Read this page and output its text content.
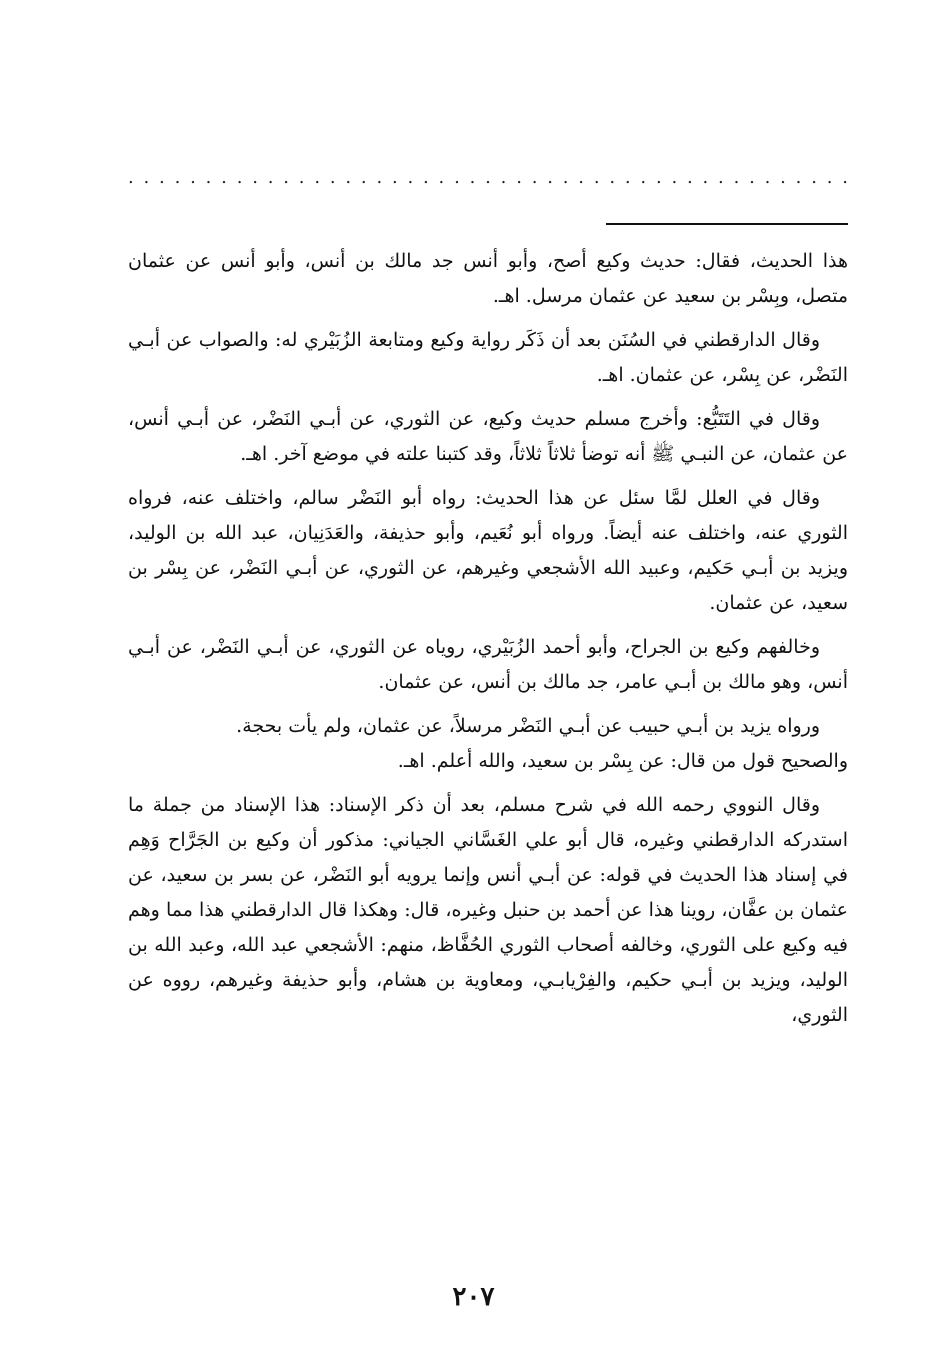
. . . . . . . . . . . . . . . . . . . . . . . . . . . . . . . . . . . . . . . . . . . . . . .

هذا الحديث، فقال: حديث وكيع أصح، وأبو أنس جد مالك بن أنس، وأبو أنس عن عثمان متصل، وبِسْر بن سعيد عن عثمان مرسل. اهـ.

وقال الدارقطني في السُنَن بعد أن ذَكَر رواية وكيع ومتابعة الزُبَيْري له: والصواب عن أبـي النَضْر، عن بِسْر، عن عثمان. اهـ.

وقال في التَتَبُّع: وأخرج مسلم حديث وكيع، عن الثوري، عن أبـي النَضْر، عن أبـي أنس، عن عثمان، عن النبـي ﷺ أنه توضأ ثلاثاً ثلاثاً، وقد كتبنا علته في موضع آخر. اهـ.

وقال في العلل لمَّا سئل عن هذا الحديث: رواه أبو النَضْر سالم، واختلف عنه، فرواه الثوري عنه، واختلف عنه أيضاً. ورواه أبو نُعَيم، وأبو حذيفة، والعَدَنِيان، عبد الله بن الوليد، ويزيد بن أبـي حَكيم، وعبيد الله الأشجعي وغيرهم، عن الثوري، عن أبـي النَضْر، عن بِسْر بن سعيد، عن عثمان.

وخالفهم وكيع بن الجراح، وأبو أحمد الزُبَيْري، روياه عن الثوري، عن أبـي النَضْر، عن أبـي أنس، وهو مالك بن أبـي عامر، جد مالك بن أنس، عن عثمان.

ورواه يزيد بن أبـي حبيب عن أبـي النَضْر مرسلاً، عن عثمان، ولم يأت بحجة.

والصحيح قول من قال: عن بِسْر بن سعيد، والله أعلم. اهـ.

وقال النووي رحمه الله في شرح مسلم، بعد أن ذكر الإسناد: هذا الإسناد من جملة ما استدركه الدارقطني وغيره، قال أبو علي الغَسَّاني الجياني: مذكور أن وكيع بن الجَرَّاح وَهِم في إسناد هذا الحديث في قوله: عن أبـي أنس وإنما يرويه أبو النَضْر، عن بسر بن سعيد، عن عثمان بن عفَّان، روينا هذا عن أحمد بن حنبل وغيره، قال: وهكذا قال الدارقطني هذا مما وهم فيه وكيع على الثوري، وخالفه أصحاب الثوري الحُفَّاظ، منهم: الأشجعي عبد الله، وعبد الله بن الوليد، ويزيد بن أبـي حكيم، والفِرْيابـي، ومعاوية بن هشام، وأبو حذيفة وغيرهم، رووه عن الثوري،

٢٠٧
